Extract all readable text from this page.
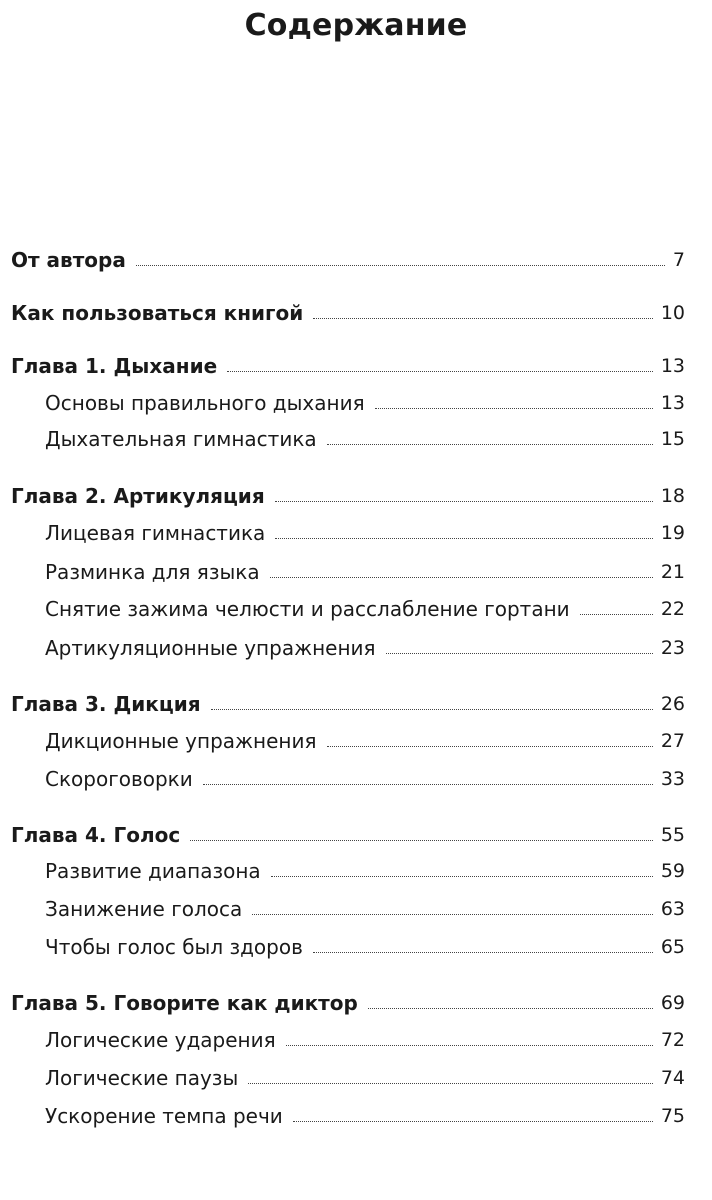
Содержание
От автора	7
Как пользоваться книгой	10
Глава 1. Дыхание	13
Основы правильного дыхания	13
Дыхательная гимнастика	15
Глава 2. Артикуляция	18
Лицевая гимнастика	19
Разминка для языка	21
Снятие зажима челюсти и расслабление гортани	22
Артикуляционные упражнения	23
Глава 3. Дикция	26
Дикционные упражнения	27
Скороговорки	33
Глава 4. Голос	55
Развитие диапазона	59
Занижение голоса	63
Чтобы голос был здоров	65
Глава 5. Говорите как диктор	69
Логические ударения	72
Логические паузы	74
Ускорение темпа речи	75
